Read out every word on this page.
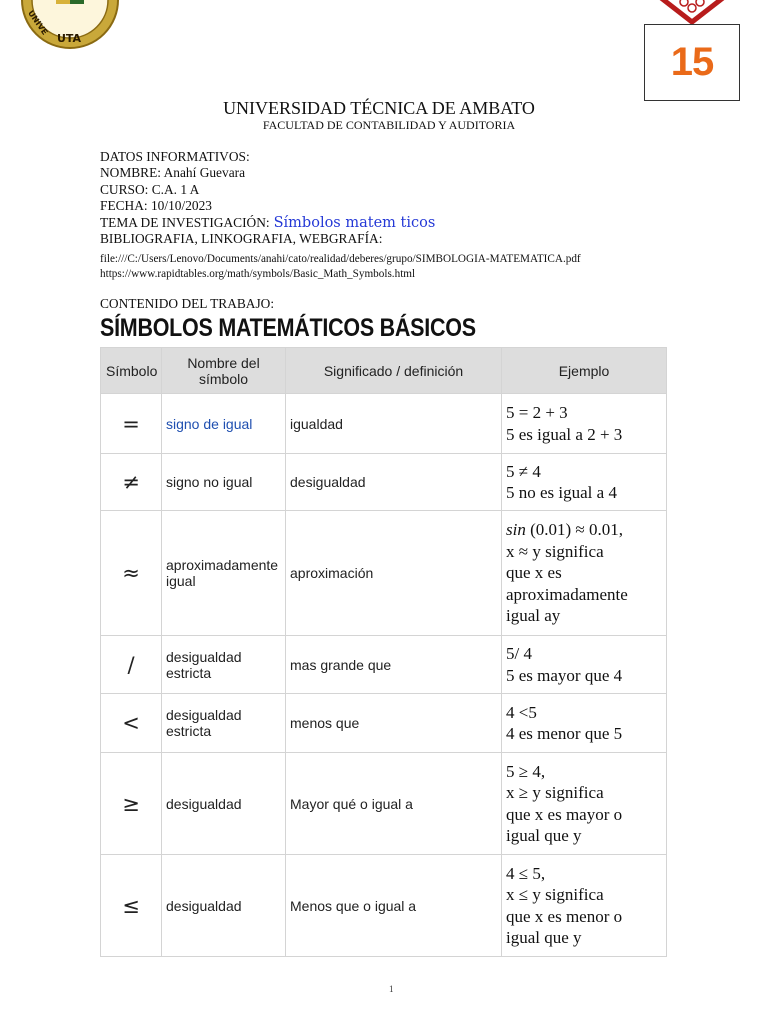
UTA
UNIVE
15
UNIVERSIDAD TÉCNICA DE AMBATO
FACULTAD DE CONTABILIDAD Y AUDITORIA
DATOS INFORMATIVOS:
NOMBRE: Anahí Guevara
CURSO: C.A. 1 A
FECHA: 10/10/2023
TEMA DE INVESTIGACIÓN: Símbolos matem ticos
BIBLIOGRAFIA, LINKOGRAFIA, WEBGRAFÍA:
file:///C:/Users/Lenovo/Documents/anahi/cato/realidad/deberes/grupo/SIMBOLOGIA-MATEMATICA.pdf
https://www.rapidtables.org/math/symbols/Basic_Math_Symbols.html
CONTENIDO DEL TRABAJO:
SÍMBOLOS MATEMÁTICOS BÁSICOS
Símbolo	Nombre del símbolo	Significado / definición	Ejemplo
=	signo de igual	igualdad	5 = 2 + 3
5 es igual a 2 + 3

≠	signo no igual	desigualdad	5 ≠ 4
5 no es igual a 4

≈	aproximadamente igual	aproximación	sin (0.01) ≈ 0.01,
x ≈ y significa
que x es
aproximadamente
igual ay

/	desigualdad estricta	mas grande que	5/ 4
5 es mayor que 4

<	desigualdad estricta	menos que	4 <5
4 es menor que 5

≥	desigualdad	Mayor qué o igual a	5 ≥ 4,
x ≥ y significa
que x es mayor o
igual que y

≤	desigualdad	Menos que o igual a	4 ≤ 5,
x ≤ y significa
que x es menor o
igual que y
1
